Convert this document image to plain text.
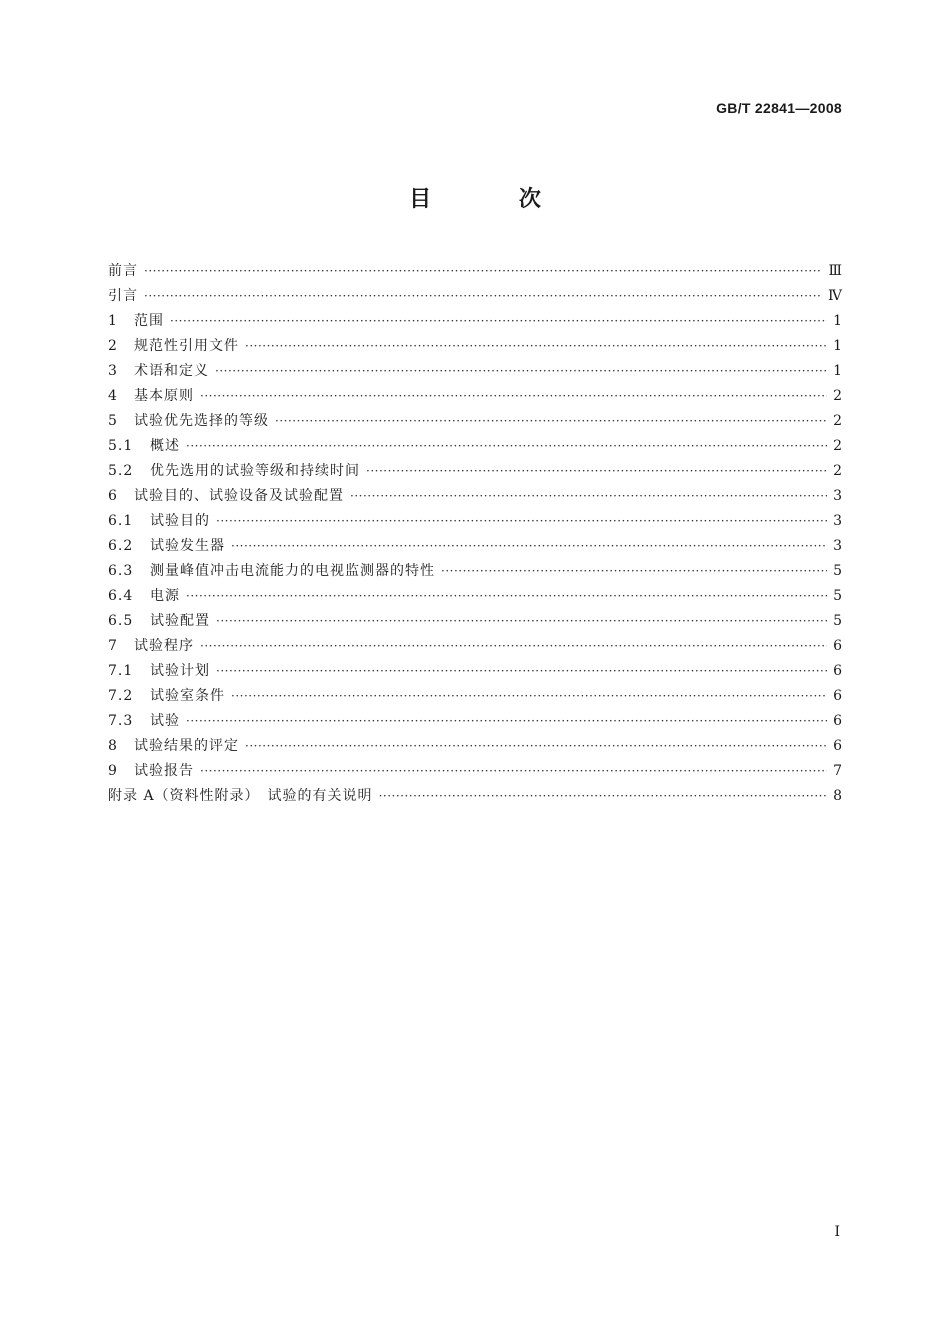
GB/T 22841—2008
目 次
前言 ·····	Ⅲ
引言 ·····	Ⅳ
1	范围 ·····	1
2	规范性引用文件 ·····	1
3	术语和定义 ·····	1
4	基本原则 ·····	2
5	试验优先选择的等级 ·····	2
5.1	概述 ·····	2
5.2	优先选用的试验等级和持续时间 ·····	2
6	试验目的、试验设备及试验配置 ·····	3
6.1	试验目的 ·····	3
6.2	试验发生器 ·····	3
6.3	测量峰值冲击电流能力的电视监测器的特性 ·····	5
6.4	电源 ·····	5
6.5	试验配置 ·····	5
7	试验程序 ·····	6
7.1	试验计划 ·····	6
7.2	试验室条件 ·····	6
7.3	试验 ·····	6
8	试验结果的评定 ·····	6
9	试验报告 ·····	7
附录 A（资料性附录）　试验的有关说明 ·····	8
I
